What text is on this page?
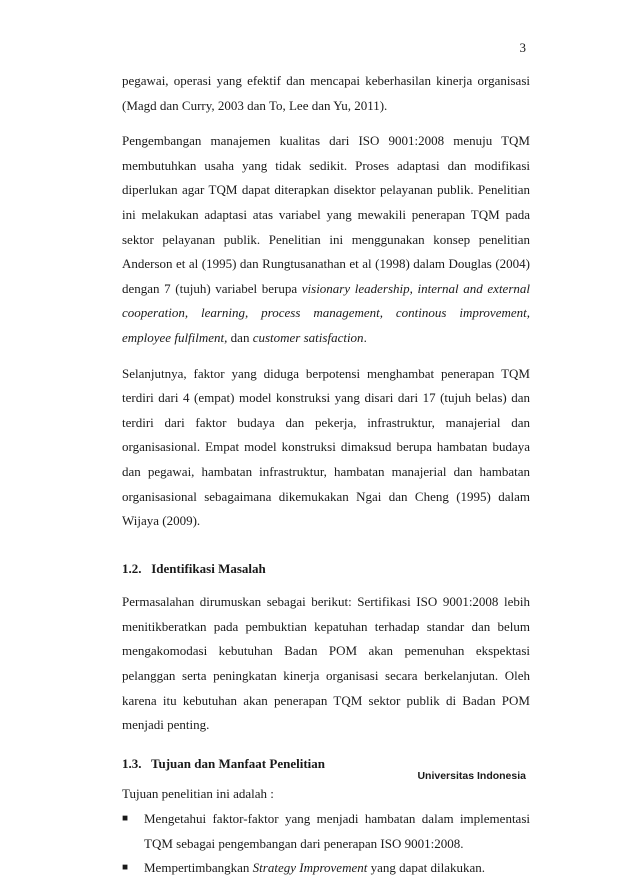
3

pegawai, operasi yang efektif dan mencapai keberhasilan kinerja organisasi (Magd dan Curry, 2003 dan To, Lee dan Yu, 2011).

Pengembangan manajemen kualitas dari ISO 9001:2008 menuju TQM membutuhkan usaha yang tidak sedikit. Proses adaptasi dan modifikasi diperlukan agar TQM dapat diterapkan disektor pelayanan publik. Penelitian ini melakukan adaptasi atas variabel yang mewakili penerapan TQM pada sektor pelayanan publik. Penelitian ini menggunakan konsep penelitian Anderson et al (1995) dan Rungtusanathan et al (1998) dalam Douglas (2004) dengan 7 (tujuh) variabel berupa visionary leadership, internal and external cooperation, learning, process management, continous improvement, employee fulfilment, dan customer satisfaction.

Selanjutnya, faktor yang diduga berpotensi menghambat penerapan TQM terdiri dari 4 (empat) model konstruksi yang disari dari 17 (tujuh belas) dan terdiri dari faktor budaya dan pekerja, infrastruktur, manajerial dan organisasional. Empat model konstruksi dimaksud berupa hambatan budaya dan pegawai, hambatan infrastruktur, hambatan manajerial dan hambatan organisasional sebagaimana dikemukakan Ngai dan Cheng (1995) dalam Wijaya (2009).

1.2. Identifikasi Masalah

Permasalahan dirumuskan sebagai berikut: Sertifikasi ISO 9001:2008 lebih menitikberatkan pada pembuktian kepatuhan terhadap standar dan belum mengakomodasi kebutuhan Badan POM akan pemenuhan ekspektasi pelanggan serta peningkatan kinerja organisasi secara berkelanjutan. Oleh karena itu kebutuhan akan penerapan TQM sektor publik di Badan POM menjadi penting.

1.3. Tujuan dan Manfaat Penelitian
Tujuan penelitian ini adalah :
■ Mengetahui faktor-faktor yang menjadi hambatan dalam implementasi TQM sebagai pengembangan dari penerapan ISO 9001:2008.
■ Mempertimbangkan Strategy Improvement yang dapat dilakukan.
Universitas Indonesia
